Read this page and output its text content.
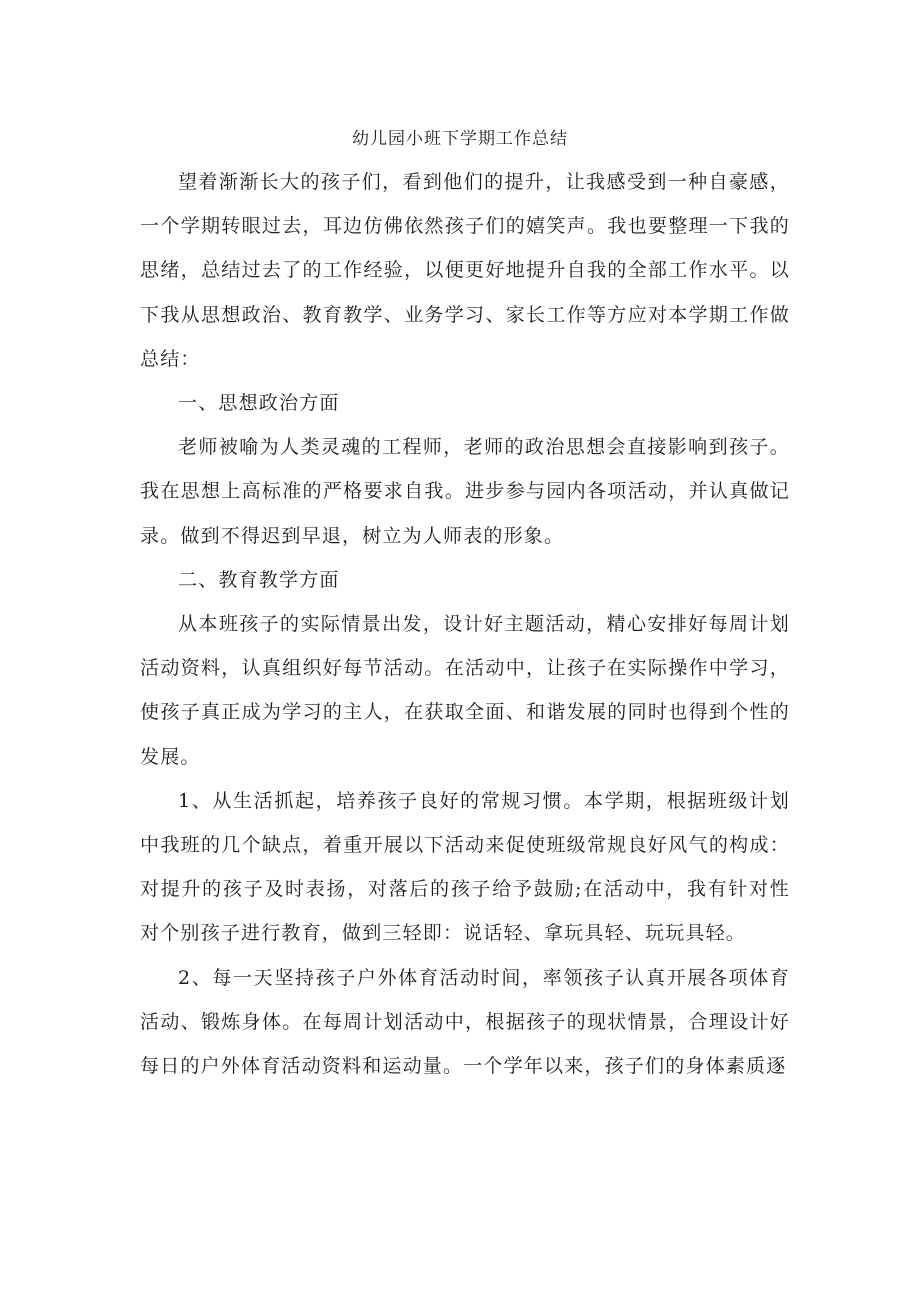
幼儿园小班下学期工作总结

望着渐渐长大的孩子们，看到他们的提升，让我感受到一种自豪感，一个学期转眼过去，耳边仿佛依然孩子们的嬉笑声。我也要整理一下我的思绪，总结过去了的工作经验，以便更好地提升自我的全部工作水平。以下我从思想政治、教育教学、业务学习、家长工作等方应对本学期工作做总结：

一、思想政治方面

老师被喻为人类灵魂的工程师，老师的政治思想会直接影响到孩子。我在思想上高标准的严格要求自我。进步参与园内各项活动，并认真做记录。做到不得迟到早退，树立为人师表的形象。

二、教育教学方面

从本班孩子的实际情景出发，设计好主题活动，精心安排好每周计划活动资料，认真组织好每节活动。在活动中，让孩子在实际操作中学习，使孩子真正成为学习的主人，在获取全面、和谐发展的同时也得到个性的发展。

1、从生活抓起，培养孩子良好的常规习惯。本学期，根据班级计划中我班的几个缺点，着重开展以下活动来促使班级常规良好风气的构成：对提升的孩子及时表扬，对落后的孩子给予鼓励;在活动中，我有针对性对个别孩子进行教育，做到三轻即：说话轻、拿玩具轻、玩玩具轻。

2、每一天坚持孩子户外体育活动时间，率领孩子认真开展各项体育活动、锻炼身体。在每周计划活动中，根据孩子的现状情景，合理设计好每日的户外体育活动资料和运动量。一个学年以来，孩子们的身体素质逐
